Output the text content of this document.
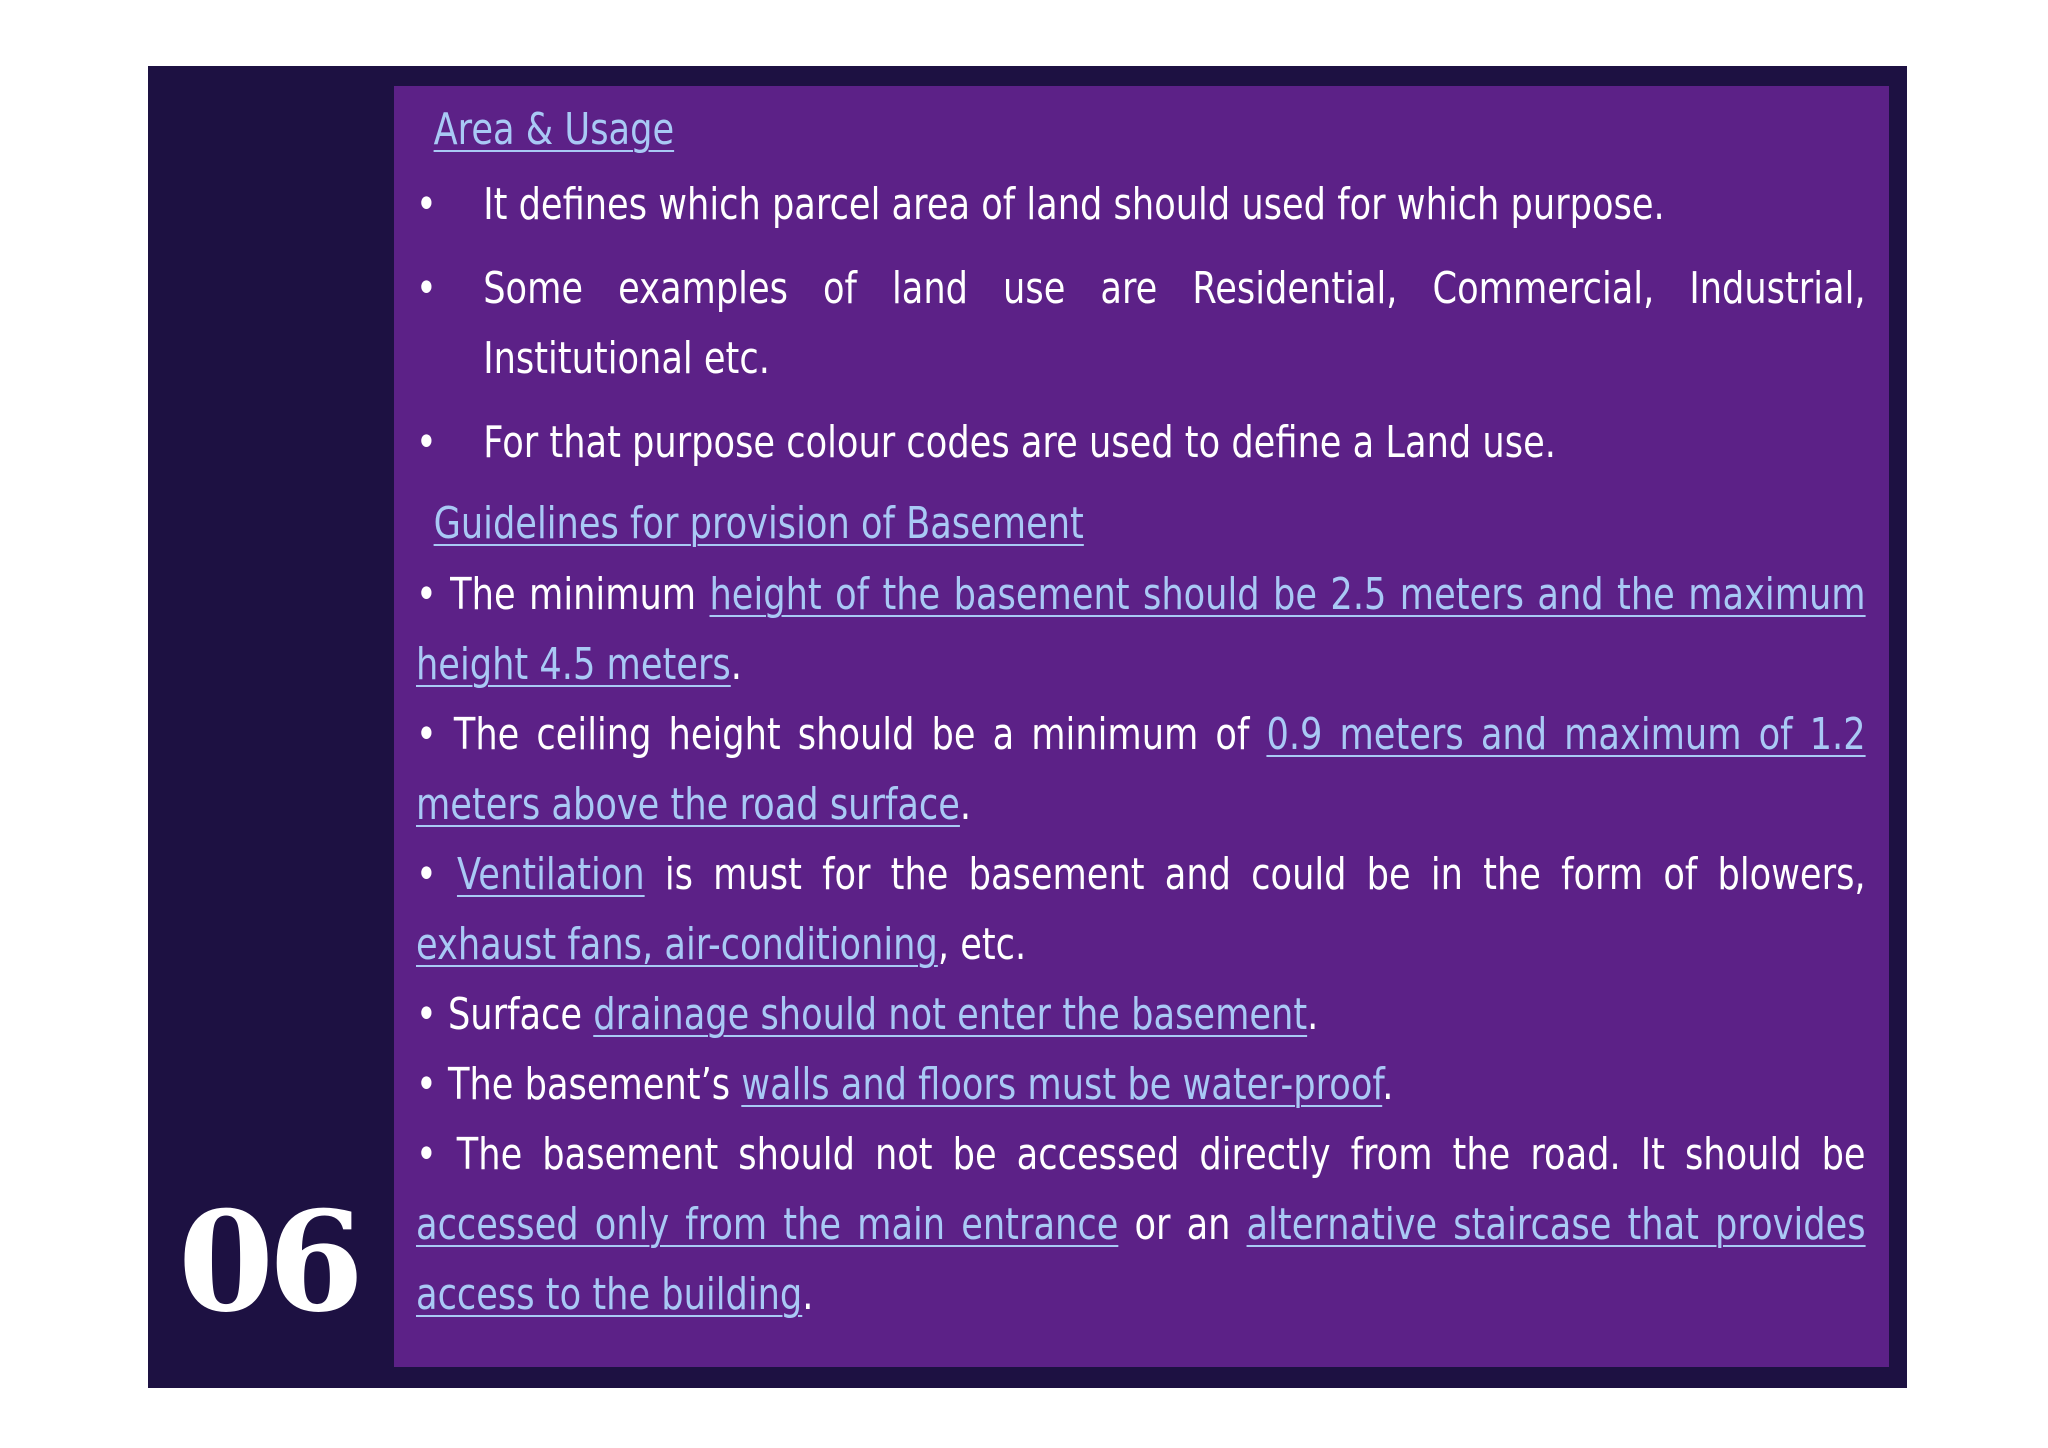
06
Area & Usage
•	It defines which parcel area of land should used for which purpose.
•	Some examples of land use are Residential, Commercial, Industrial, Institutional etc.
•	For that purpose colour codes are used to define a Land use.
Guidelines for provision of Basement
• The minimum height of the basement should be 2.5 meters and the maximum height 4.5 meters.
• The ceiling height should be a minimum of 0.9 meters and maximum of 1.2 meters above the road surface.
• Ventilation is must for the basement and could be in the form of blowers, exhaust fans, air-conditioning, etc.
• Surface drainage should not enter the basement.
• The basement’s walls and floors must be water-proof.
• The basement should not be accessed directly from the road. It should be accessed only from the main entrance or an alternative staircase that provides access to the building.
